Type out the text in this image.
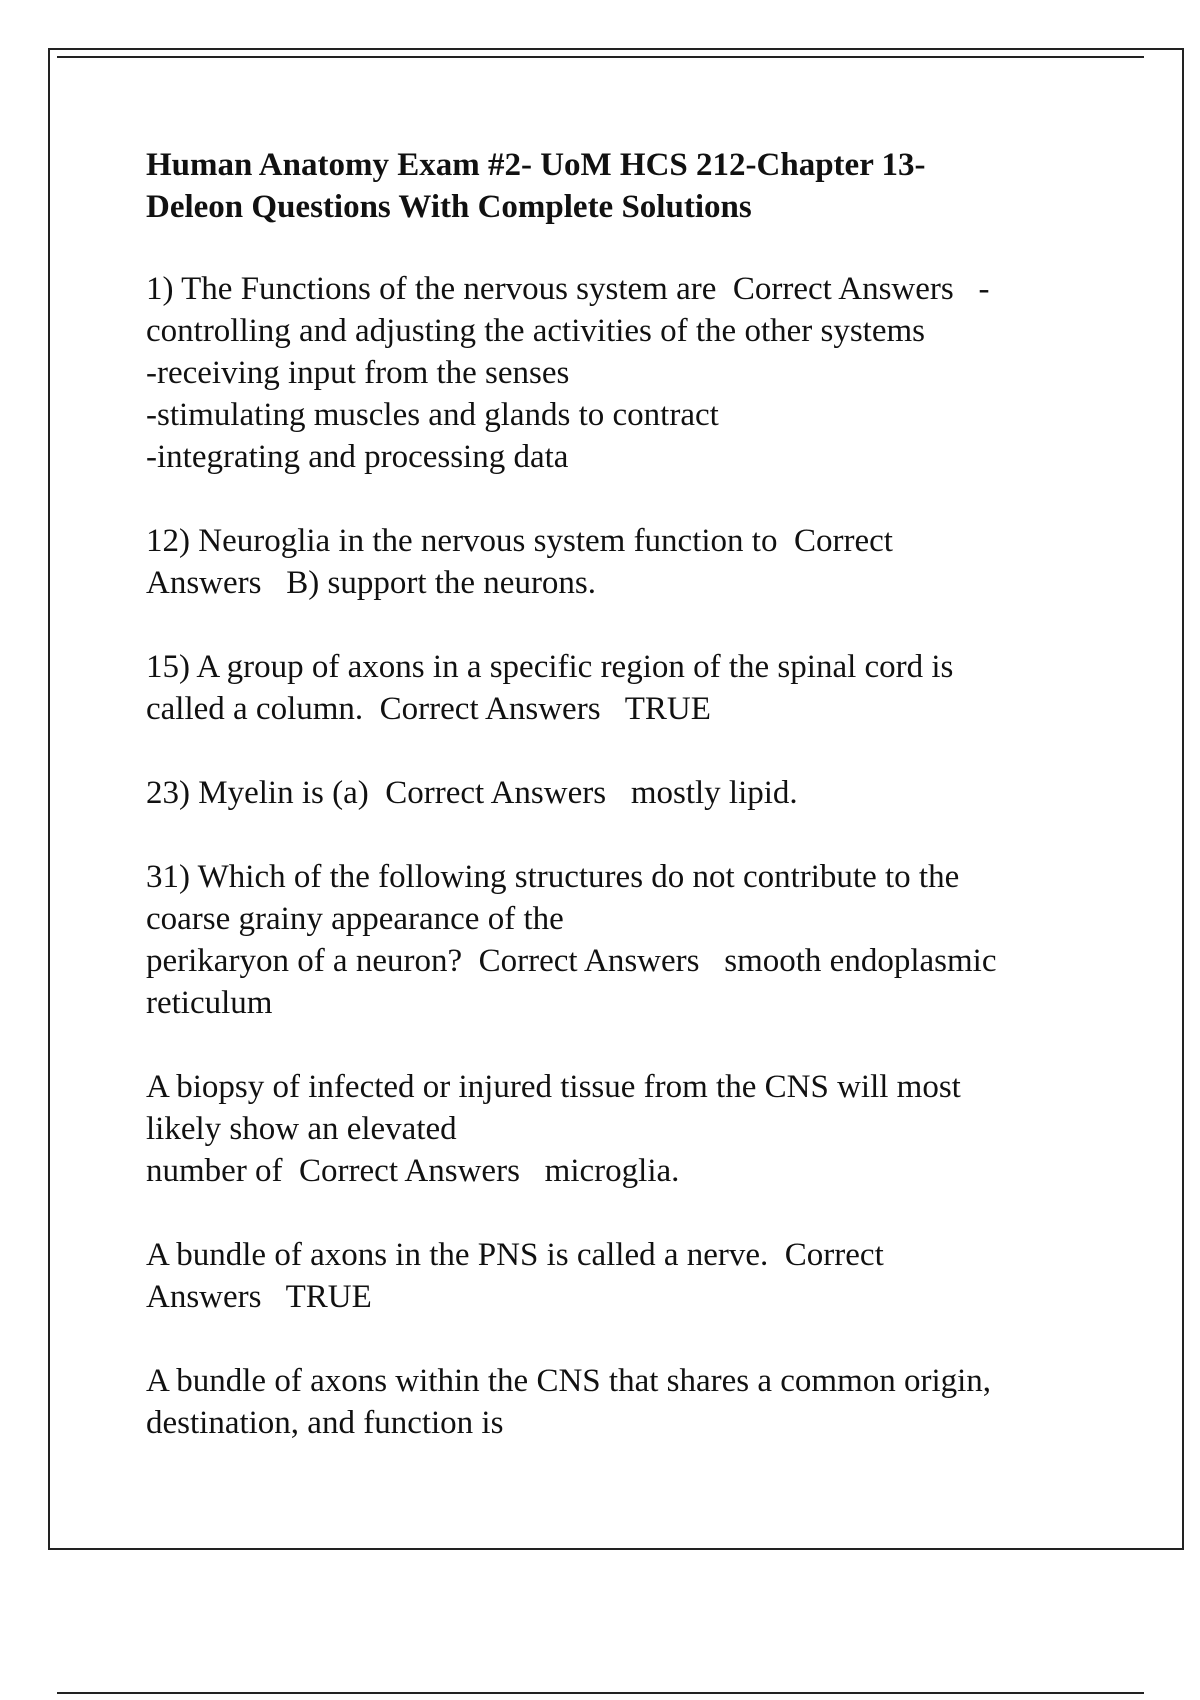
Human Anatomy Exam #2- UoM HCS 212-Chapter 13-
Deleon Questions With Complete Solutions

1) The Functions of the nervous system are Correct Answers -
controlling and adjusting the activities of the other systems
-receiving input from the senses
-stimulating muscles and glands to contract
-integrating and processing data

12) Neuroglia in the nervous system function to Correct
Answers B) support the neurons.

15) A group of axons in a specific region of the spinal cord is
called a column. Correct Answers TRUE

23) Myelin is (a) Correct Answers mostly lipid.

31) Which of the following structures do not contribute to the
coarse grainy appearance of the
perikaryon of a neuron? Correct Answers smooth endoplasmic
reticulum

A biopsy of infected or injured tissue from the CNS will most
likely show an elevated
number of Correct Answers microglia.

A bundle of axons in the PNS is called a nerve. Correct
Answers TRUE

A bundle of axons within the CNS that shares a common origin,
destination, and function is
